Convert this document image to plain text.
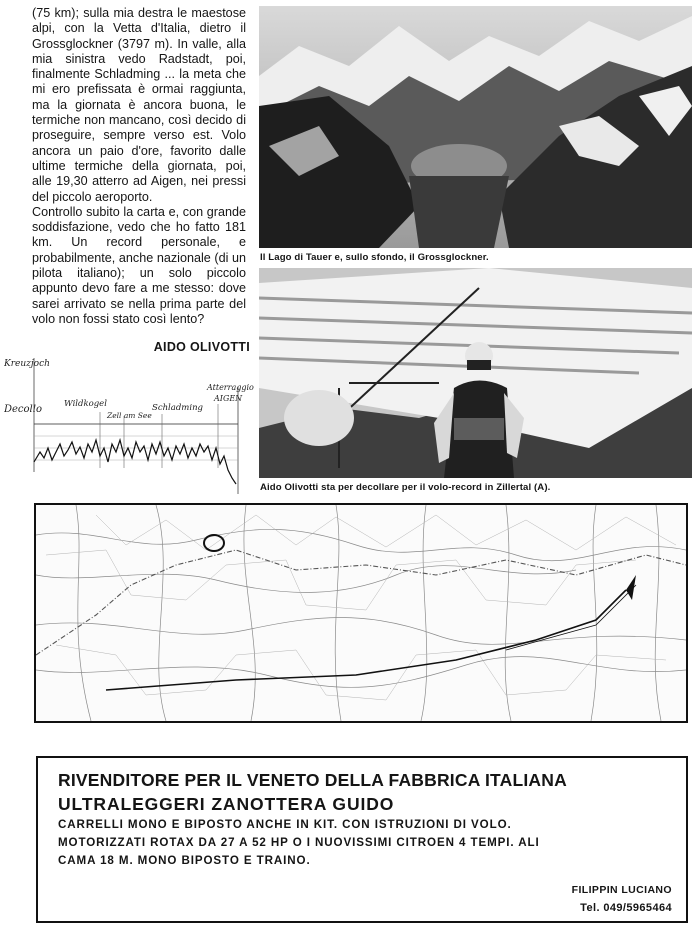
(75 km); sulla mia destra le maestose alpi, con la Vetta d'Italia, dietro il Grossglockner (3797 m). In valle, alla mia sinistra vedo Radstadt, poi, finalmente Schladming ... la meta che mi ero prefissata è ormai raggiunta, ma la giornata è ancora buona, le termiche non mancano, così decido di proseguire, sempre verso est. Volo ancora un paio d'ore, favorito dalle ultime termiche della giornata, poi, alle 19,30 atterro ad Aigen, nei pressi del piccolo aeroporto.

Controllo subito la carta e, con grande soddisfazione, vedo che ho fatto 181 km. Un record personale, e probabilmente, anche nazionale (di un pilota italiano); un solo piccolo appunto devo fare a me stesso: dove sarei arrivato se nella prima parte del volo non fossi stato così lento?

AIDO OLIVOTTI
Il Lago di Tauer e, sullo sfondo, il Grossglockner.
Aido Olivotti sta per decollare per il volo-record in Zillertal (A).
Kreuzjoch
Decollo	Wildkogel
Zell am See
Schladming
Atterraggio
AIGEN
RIVENDITORE PER IL VENETO DELLA FABBRICA ITALIANA
ULTRALEGGERI ZANOTTERA GUIDO
CARRELLI MONO E BIPOSTO ANCHE IN KIT. CON ISTRUZIONI DI VOLO.
MOTORIZZATI ROTAX DA 27 A 52 HP O I NUOVISSIMI CITROEN 4 TEMPI. ALI
CAMA 18 M. MONO BIPOSTO E TRAINO.
FILIPPIN LUCIANO
Tel. 049/5965464
